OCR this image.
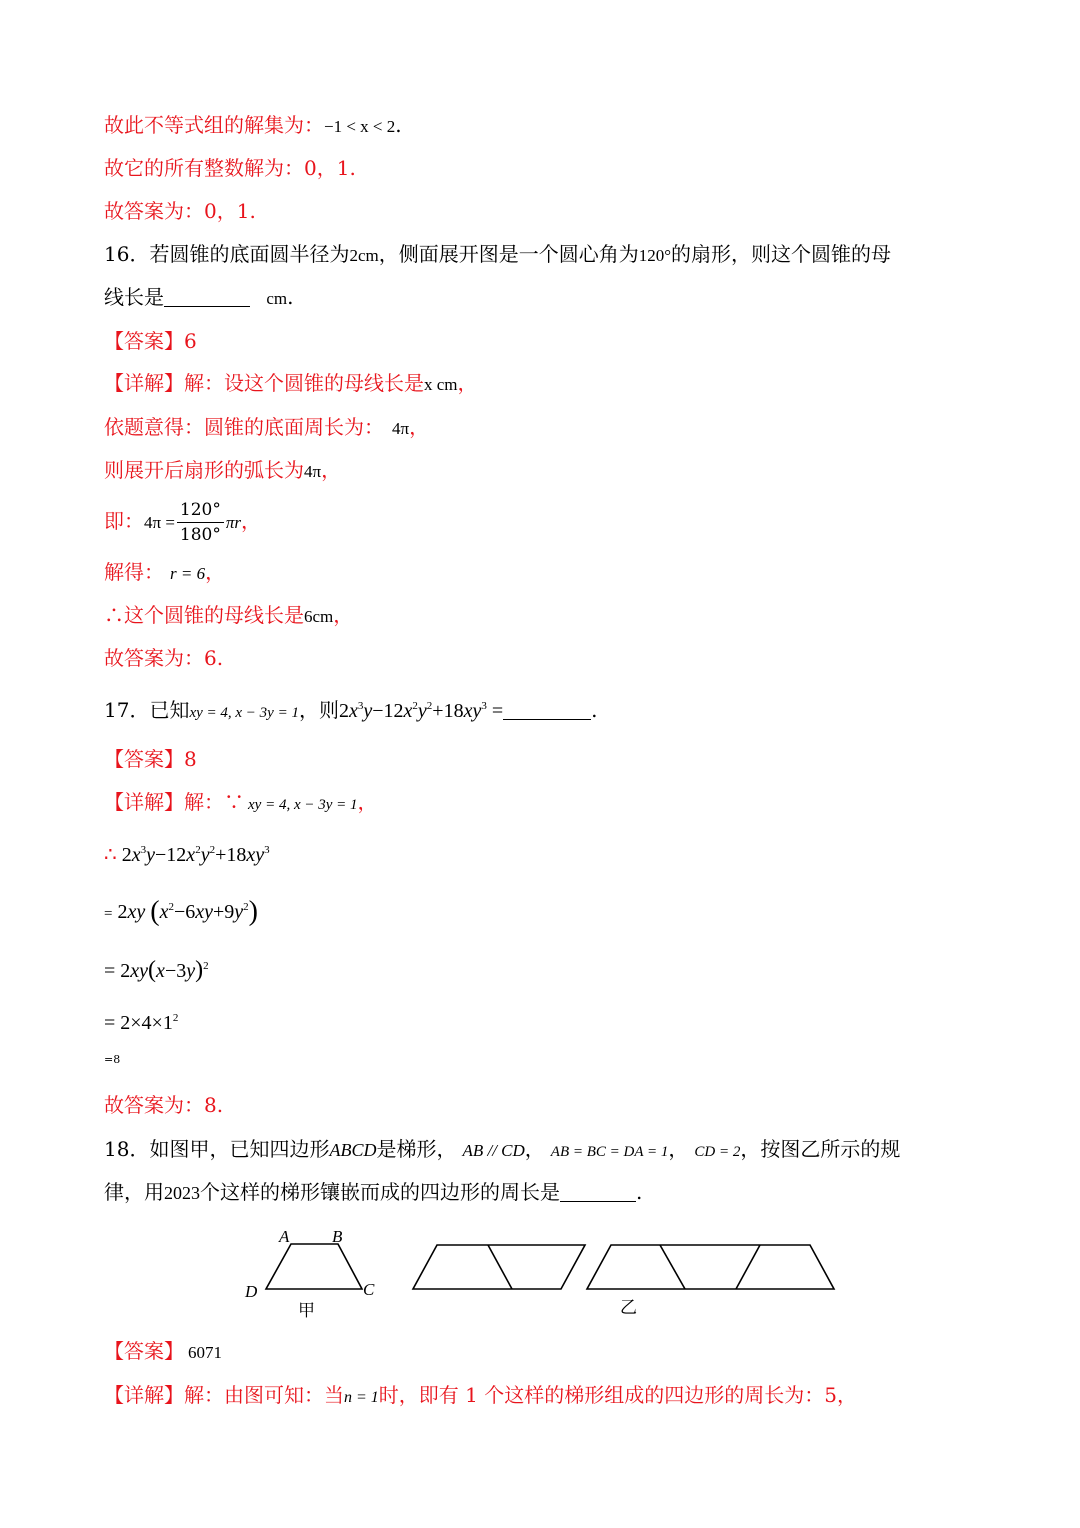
故此不等式组的解集为：−1 < x < 2.
故它的所有整数解为：0，1.
故答案为：0，1.
16．若圆锥的底面圆半径为2cm，侧面展开图是一个圆心角为120°的扇形，则这个圆锥的母
线长是	cm.
【答案】6
【详解】解：设这个圆锥的母线长是x cm，
依题意得：圆锥的底面周长为： 4π，
则展开后扇形的弧长为4π，
即：$4\pi = \frac{120^\circ}{180^\circ}$ πr，
解得： r = 6，
∴这个圆锥的母线长是6cm，
故答案为：6.
17．已知xy = 4, x − 3y = 1，则$2x^3y-12x^2y^2+18xy^3$ =	.
【答案】8
【详解】解：∵ xy = 4, x − 3y = 1，
∴ $2x^3y-12x^2y^2+18xy^3$
= 2xy $(x^2-6xy+9y^2)$
= $2xy(x-3y)^2$
= $2\times 4\times 1^2$
=8
故答案为：8.
18．如图甲，已知四边形ABCD是梯形， AB // CD， AB = BC = DA = 1， CD = 2，按图乙所示的规
律，用2023个这样的梯形镶嵌而成的四边形的周长是	.
A	B
C
D
甲	乙
【答案】 6071
【详解】解：由图可知：当n = 1时，即有 1 个这样的梯形组成的四边形的周长为：5，
